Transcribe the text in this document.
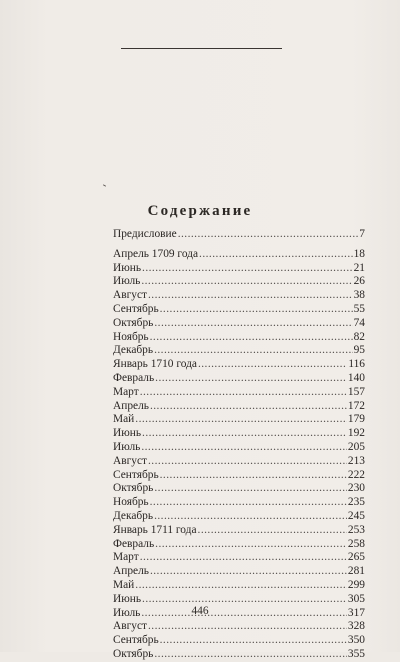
Содержание
Предисловие . . .	7
Апрель 1709 года . . .	18
Июнь . . .	21
Июль . . .	26
Август . . .	38
Сентябрь . . .	55
Октябрь . . .	74
Ноябрь . . .	82
Декабрь . . .	95
Январь 1710 года . . .	116
Февраль . . .	140
Март . . .	157
Апрель . . .	172
Май . . .	179
Июнь . . .	192
Июль . . .	205
Август . . .	213
Сентябрь . . .	222
Октябрь . . .	230
Ноябрь . . .	235
Декабрь . . .	245
Январь 1711 года . . .	253
Февраль . . .	258
Март . . .	265
Апрель . . .	281
Май . . .	299
Июнь . . .	305
Июль . . .	317
Август . . .	328
Сентябрь . . .	350
Октябрь . . .	355
446
